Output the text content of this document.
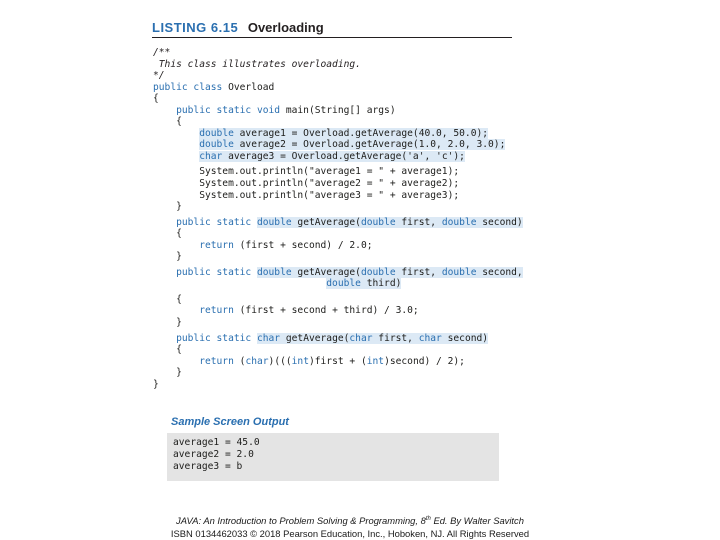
LISTING 6.15 Overloading
/**
This class illustrates overloading.
*/
public class Overload
{
public static void main(String[] args)
{
double average1 = Overload.getAverage(40.0, 50.0);
double average2 = Overload.getAverage(1.0, 2.0, 3.0);
char average3 = Overload.getAverage('a', 'c');
System.out.println("average1 = " + average1);
System.out.println("average2 = " + average2);
System.out.println("average3 = " + average3);
}
public static double getAverage(double first, double second)
{
return (first + second) / 2.0;
}
public static double getAverage(double first, double second,
double third)
{
return (first + second + third) / 3.0;
}
public static char getAverage(char first, char second)
{
return (char)(((int)first + (int)second) / 2);
}
}
Sample Screen Output
average1 = 45.0
average2 = 2.0
average3 = b
JAVA: An Introduction to Problem Solving & Programming, 8th Ed. By Walter Savitch
ISBN 0134462033 © 2018 Pearson Education, Inc., Hoboken, NJ. All Rights Reserved
